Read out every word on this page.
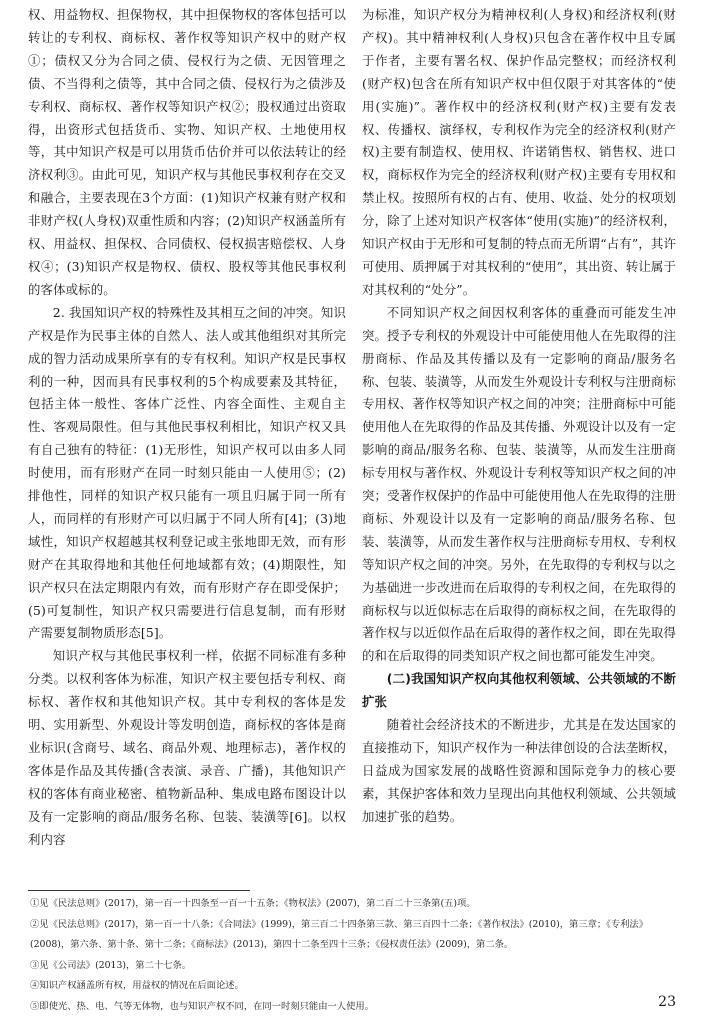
权、用益物权、担保物权，其中担保物权的客体包括可以转让的专利权、商标权、著作权等知识产权中的财产权①；债权又分为合同之债、侵权行为之债、无因管理之债、不当得利之债等，其中合同之债、侵权行为之债涉及专利权、商标权、著作权等知识产权②；股权通过出资取得，出资形式包括货币、实物、知识产权、土地使用权等，其中知识产权是可以用货币估价并可以依法转让的经济权利③。由此可见，知识产权与其他民事权利存在交叉和融合，主要表现在3个方面：(1)知识产权兼有财产权和非财产权(人身权)双重性质和内容；(2)知识产权涵盖所有权、用益权、担保权、合同债权、侵权损害赔偿权、人身权④；(3)知识产权是物权、债权、股权等其他民事权利的客体或标的。

2. 我国知识产权的特殊性及其相互之间的冲突。知识产权是作为民事主体的自然人、法人或其他组织对其所完成的智力活动成果所享有的专有权利。知识产权是民事权利的一种，因而具有民事权利的5个构成要素及其特征，包括主体一般性、客体广泛性、内容全面性、主观自主性、客观局限性。但与其他民事权利相比，知识产权又具有自己独有的特征：(1)无形性，知识产权可以由多人同时使用，而有形财产在同一时刻只能由一人使用⑤；(2)排他性，同样的知识产权只能有一项且归属于同一所有人，而同样的有形财产可以归属于不同人所有[4]；(3)地域性，知识产权超越其权利登记或主张地即无效，而有形财产在其取得地和其他任何地域都有效；(4)期限性，知识产权只在法定期限内有效，而有形财产存在即受保护；(5)可复制性，知识产权只需要进行信息复制，而有形财产需要复制物质形态[5]。

知识产权与其他民事权利一样，依据不同标准有多种分类。以权利客体为标准，知识产权主要包括专利权、商标权、著作权和其他知识产权。其中专利权的客体是发明、实用新型、外观设计等发明创造，商标权的客体是商业标识(含商号、域名、商品外观、地理标志)，著作权的客体是作品及其传播(含表演、录音、广播)，其他知识产权的客体有商业秘密、植物新品种、集成电路布图设计以及有一定影响的商品/服务名称、包装、装潢等[6]。以权利内容

为标准，知识产权分为精神权利(人身权)和经济权利(财产权)。其中精神权利(人身权)只包含在著作权中且专属于作者，主要有署名权、保护作品完整权；而经济权利(财产权)包含在所有知识产权中但仅限于对其客体的“使用(实施)”。著作权中的经济权利(财产权)主要有发表权、传播权、演绎权，专利权作为完全的经济权利(财产权)主要有制造权、使用权、许诺销售权、销售权、进口权，商标权作为完全的经济权利(财产权)主要有专用权和禁止权。按照所有权的占有、使用、收益、处分的权项划分，除了上述对知识产权客体“使用(实施)”的经济权利，知识产权由于无形和可复制的特点而无所谓“占有”，其许可使用、质押属于对其权利的“使用”，其出资、转让属于对其权利的“处分”。

不同知识产权之间因权利客体的重叠而可能发生冲突。授予专利权的外观设计中可能使用他人在先取得的注册商标、作品及其传播以及有一定影响的商品/服务名称、包装、装潢等，从而发生外观设计专利权与注册商标专用权、著作权等知识产权之间的冲突；注册商标中可能使用他人在先取得的作品及其传播、外观设计以及有一定影响的商品/服务名称、包装、装潢等，从而发生注册商标专用权与著作权、外观设计专利权等知识产权之间的冲突；受著作权保护的作品中可能使用他人在先取得的注册商标、外观设计以及有一定影响的商品/服务名称、包装、装潢等，从而发生著作权与注册商标专用权、专利权等知识产权之间的冲突。另外，在先取得的专利权与以之为基础进一步改进而在后取得的专利权之间，在先取得的商标权与以近似标志在后取得的商标权之间，在先取得的著作权与以近似作品在后取得的著作权之间，即在先取得的和在后取得的同类知识产权之间也都可能发生冲突。

(二)我国知识产权向其他权利领域、公共领域的不断扩张

随着社会经济技术的不断进步，尤其是在发达国家的直接推动下，知识产权作为一种法律创设的合法垄断权，日益成为国家发展的战略性资源和国际竞争力的核心要素，其保护客体和效力呈现出向其他权利领域、公共领域加速扩张的趋势。

①见《民法总则》(2017)，第一百一十四条至一百一十五条；《物权法》(2007)，第二百二十三条第(五)项。

②见《民法总则》(2017)，第一百一十八条；《合同法》(1999)，第三百二十四条第三款、第三百四十二条；《著作权法》(2010)，第三章；《专利法》(2008)，第六条、第十条、第十二条；《商标法》(2013)，第四十二条至四十三条；《侵权责任法》(2009)，第二条。

③见《公司法》(2013)，第二十七条。

④知识产权涵盖所有权，用益权的情况在后面论述。

⑤即使光、热、电、气等无体物，也与知识产权不同，在同一时刻只能由一人使用。	23
